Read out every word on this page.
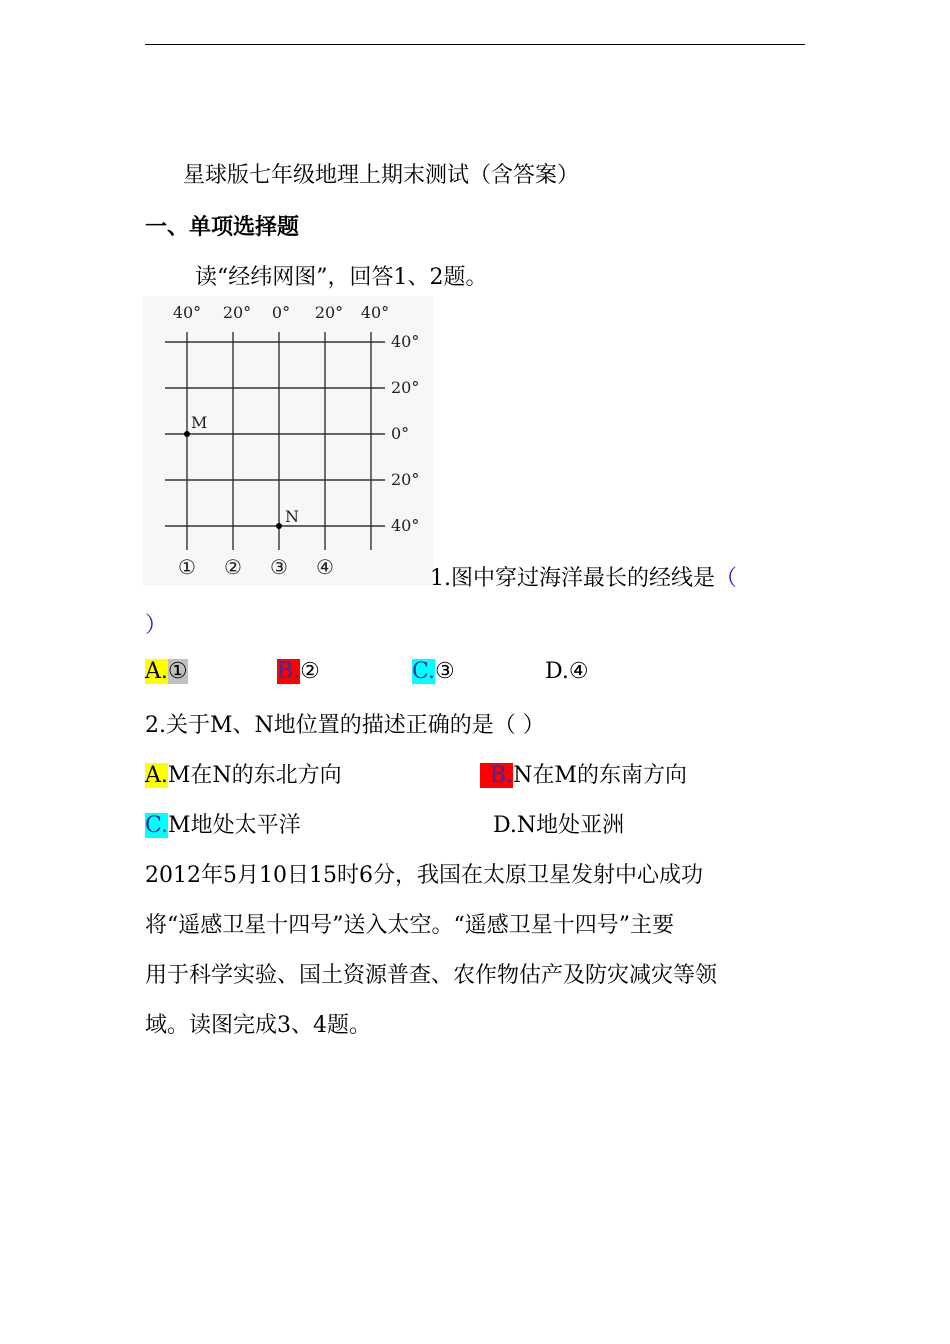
星球版七年级地理上期末测试（含答案）
一、单项选择题
读“经纬网图”，回答1、2题。
40° 20° 0° 20° 40°
40°
20°
0°
20°
40°
M
N
① ② ③ ④	1.图中穿过海洋最长的经线是（
）
A.①	B.②	C.③	D.④
2.关于M、N地位置的描述正确的是（ ）
A.M在N的东北方向	B.N在M的东南方向
C.M地处太平洋	D.N地处亚洲
2012年5月10日15时6分，我国在太原卫星发射中心成功
将“遥感卫星十四号”送入太空。“遥感卫星十四号”主要
用于科学实验、国土资源普查、农作物估产及防灾减灾等领
域。读图完成3、4题。
